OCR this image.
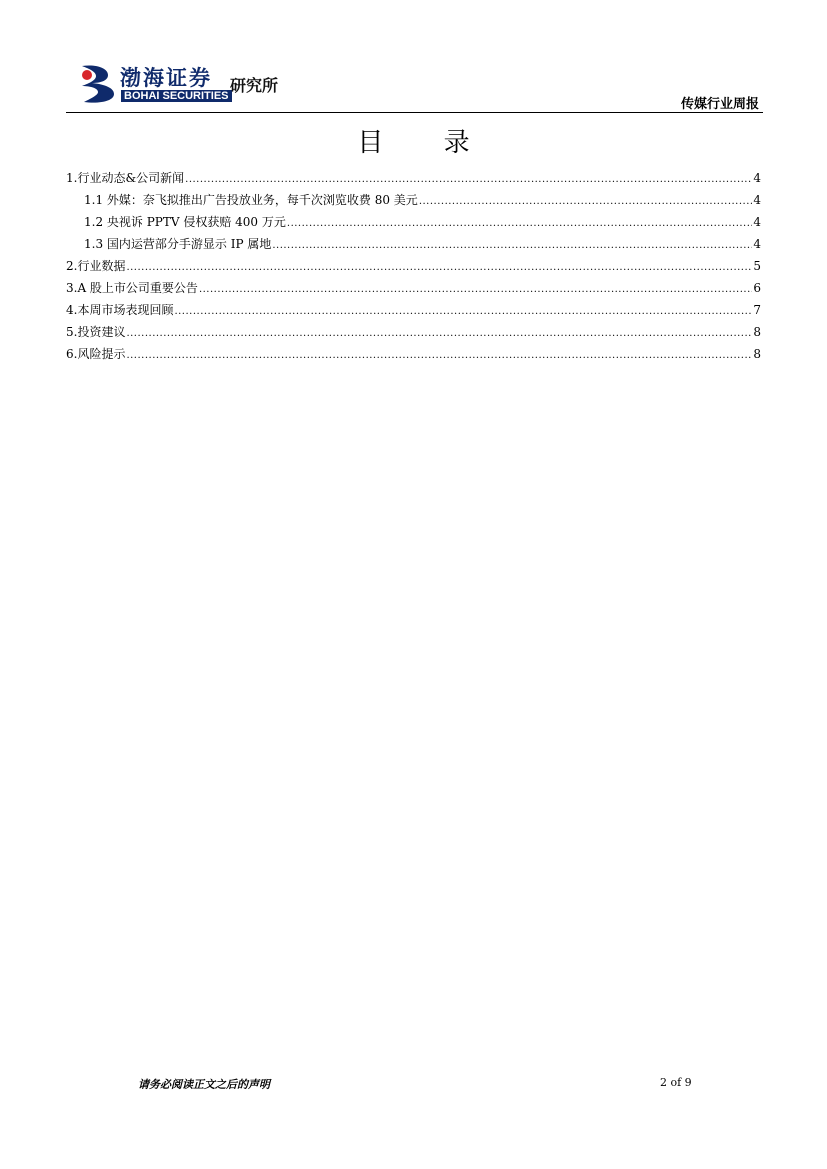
渤海证券
BOHAI SECURITIES
研究所
传媒行业周报
目 录
1.行业动态&公司新闻 .....	4
1.1 外媒：奈飞拟推出广告投放业务，每千次浏览收费 80 美元 .....	4
1.2 央视诉 PPTV 侵权获赔 400 万元 .....	4
1.3 国内运营部分手游显示 IP 属地 .....	4
2.行业数据 .....	5
3.A 股上市公司重要公告 .....	6
4.本周市场表现回顾 .....	7
5.投资建议 .....	8
6.风险提示 .....	8
请务必阅读正文之后的声明	2 of 9
